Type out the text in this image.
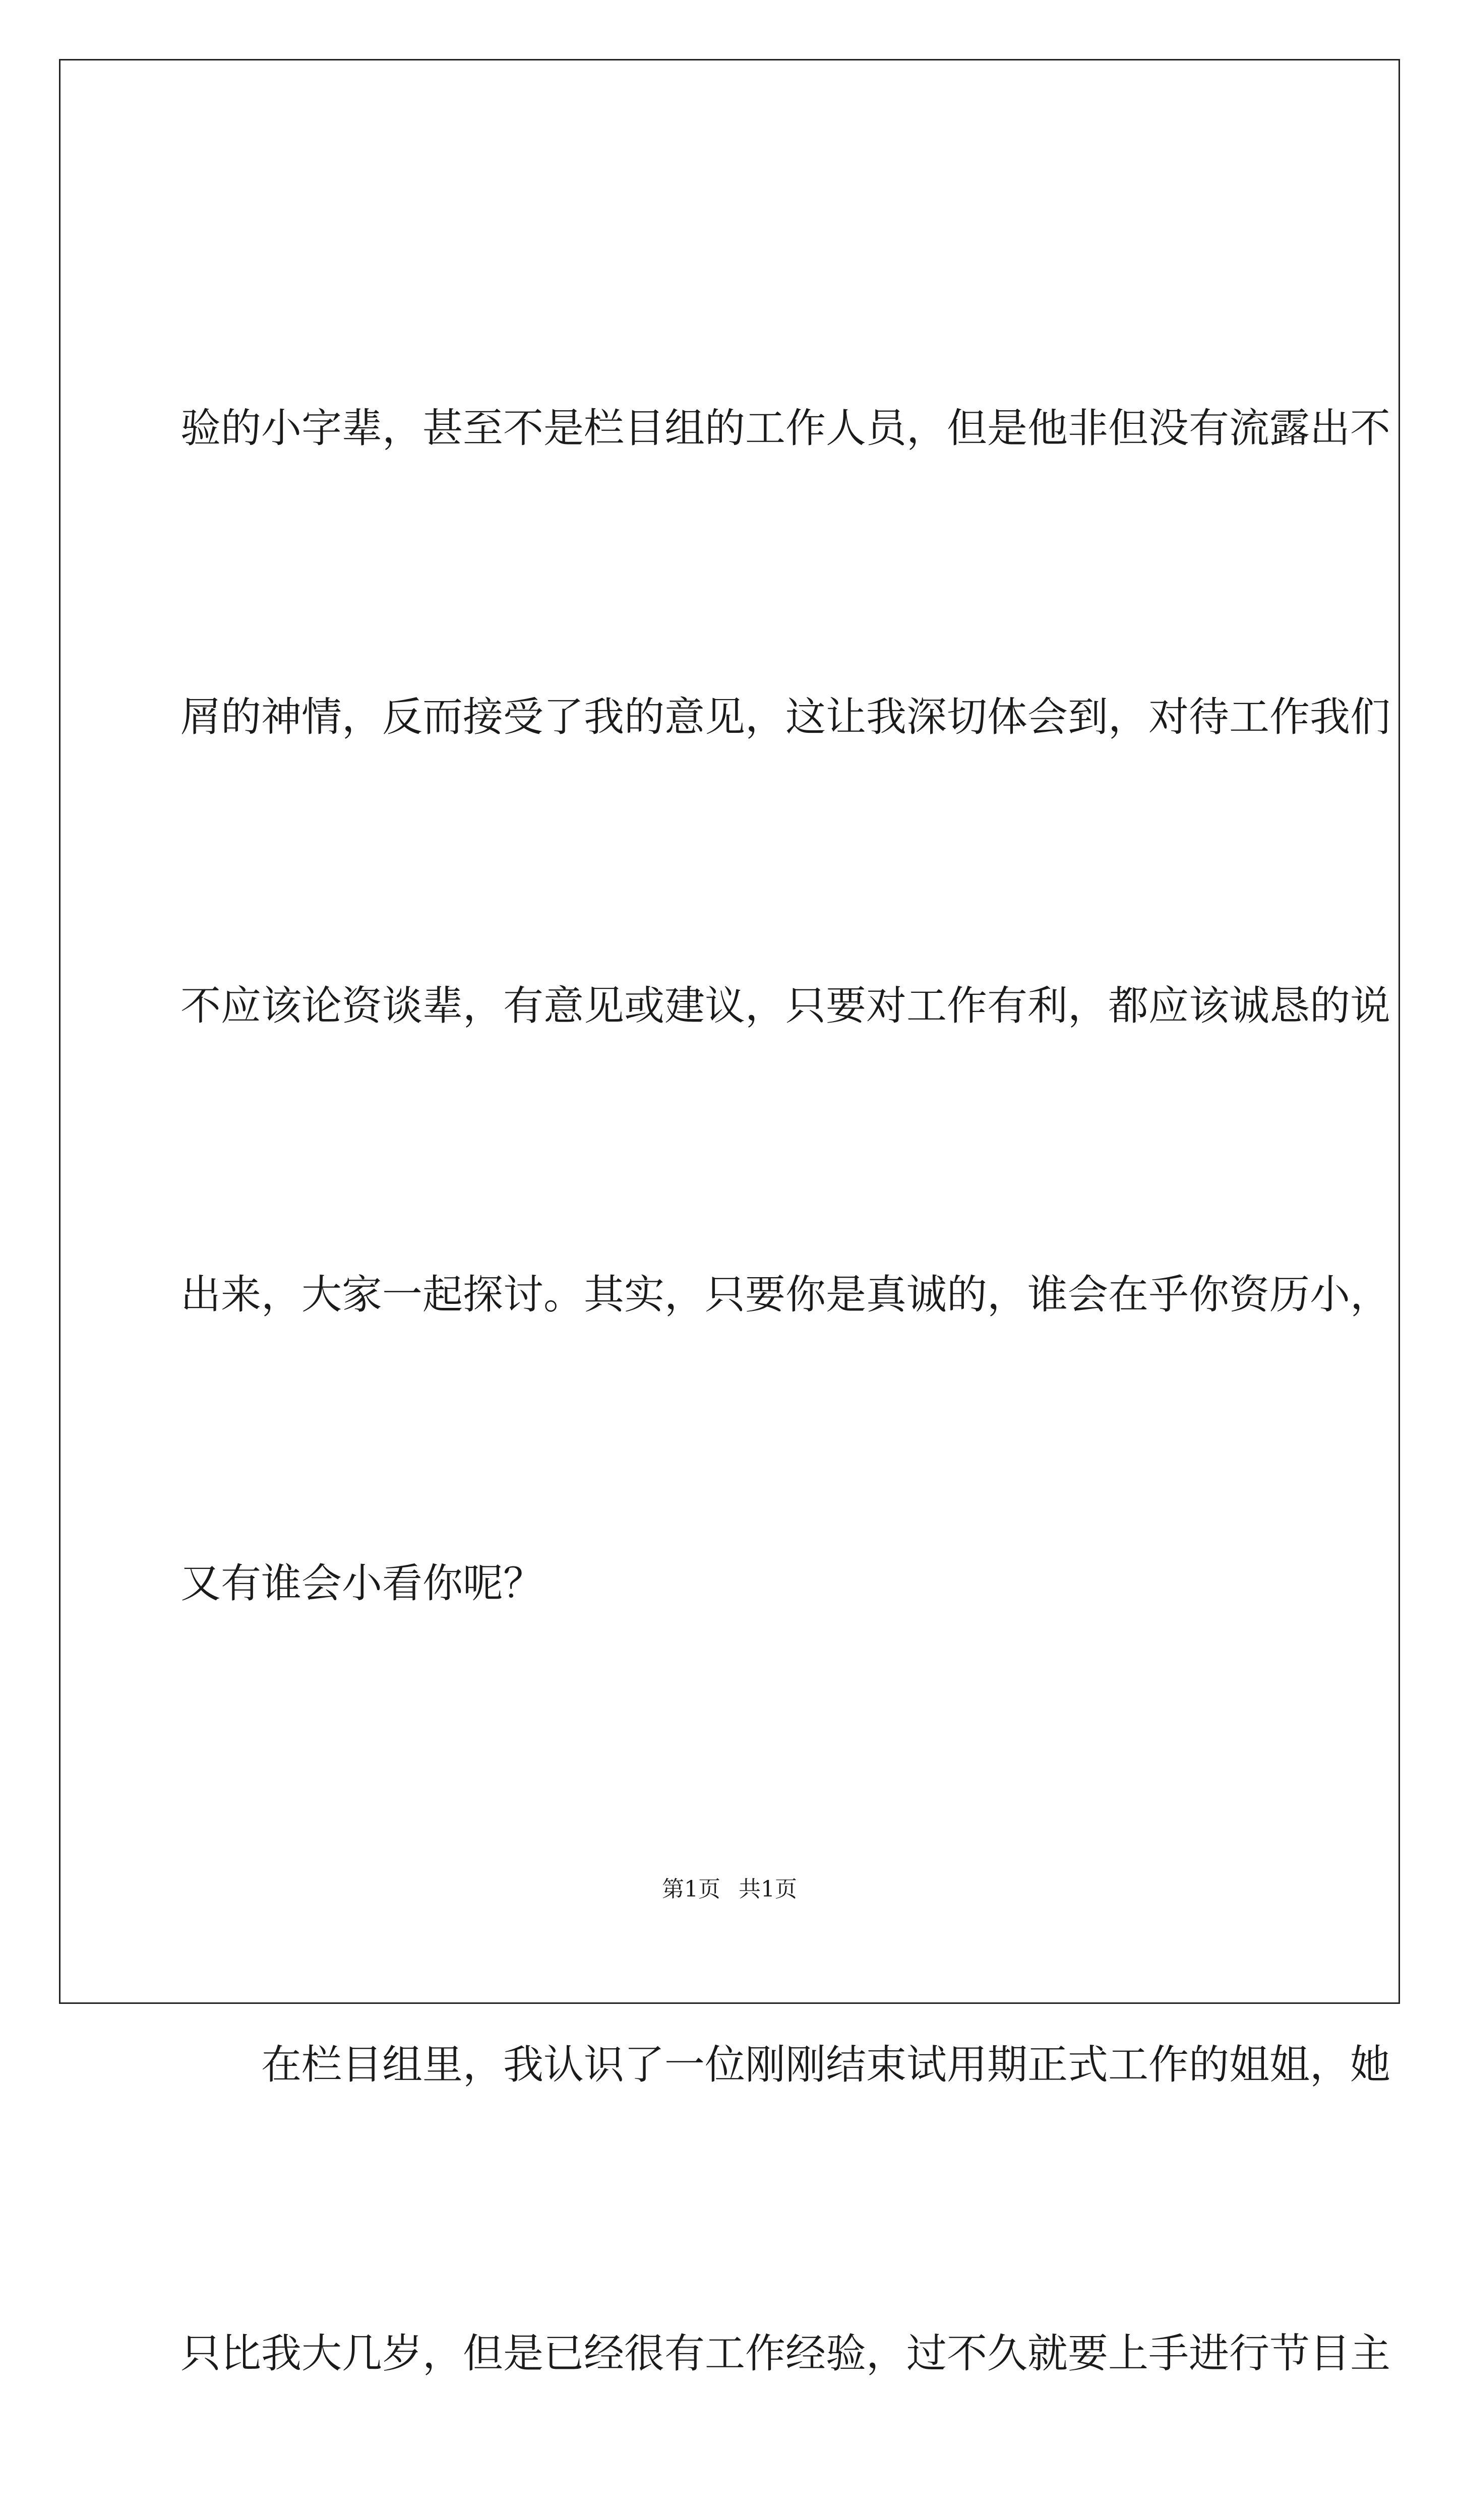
验的小字辈，甚至不是栏目组的工作人员，但是他非但没有流露出不

屑的神情，反而接受了我的意见，这让我深切体会到，对待工作我们

不应该论资谈辈，有意见或建议，只要对工作有利，都应该诚恳的说

出来，大家一起探讨。其实，只要你是真诚的，谁会在乎你资历小，

又有谁会小看你呢？

　　在栏目组里，我认识了一位刚刚结束试用期正式工作的姐姐，她

只比我大几岁，但是已经很有工作经验，过不久就要上手进行节目主

第1页 共1页
